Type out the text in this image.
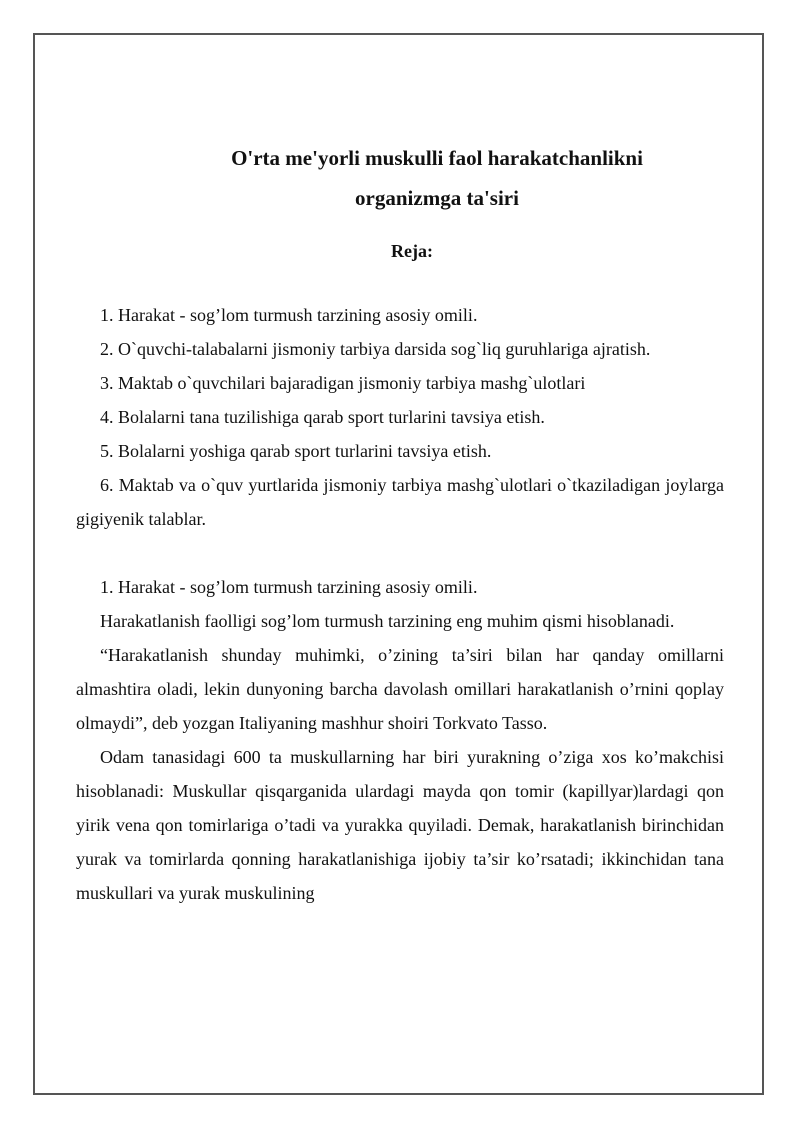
O'rta me'yorli muskulli faol harakatchanlikni
organizmga ta'siri
Reja:
1. Harakat - sog’lom turmush tarzining asosiy omili.
2. O`quvchi-talabalarni jismoniy tarbiya darsida sog`liq guruhlariga ajratish.
3. Maktab o`quvchilari bajaradigan jismoniy tarbiya mashg`ulotlari
4. Bolalarni tana tuzilishiga qarab sport turlarini tavsiya etish.
5. Bolalarni yoshiga qarab sport turlarini tavsiya etish.
6. Maktab va o`quv yurtlarida jismoniy tarbiya mashg`ulotlari o`tkaziladigan joylarga gigiyenik talablar.

1. Harakat - sog’lom turmush tarzining asosiy omili.

Harakatlanish faolligi sog’lom turmush tarzining eng muhim qismi hisoblanadi.

“Harakatlanish shunday muhimki, o’zining ta’siri bilan har qanday omillarni almashtira oladi, lekin dunyoning barcha davolash omillari harakatlanish o’rnini qoplay olmaydi”, deb yozgan Italiyaning mashhur shoiri Torkvato Tasso.

Odam tanasidagi 600 ta muskullarning har biri yurakning o’ziga xos ko’makchisi hisoblanadi: Muskullar qisqarganida ulardagi mayda qon tomir (kapillyar)lardagi qon yirik vena qon tomirlariga o’tadi va yurakka quyiladi. Demak, harakatlanish birinchidan yurak va tomirlarda qonning harakatlanishiga ijobiy ta’sir ko’rsatadi; ikkinchidan tana muskullari va yurak muskulining
